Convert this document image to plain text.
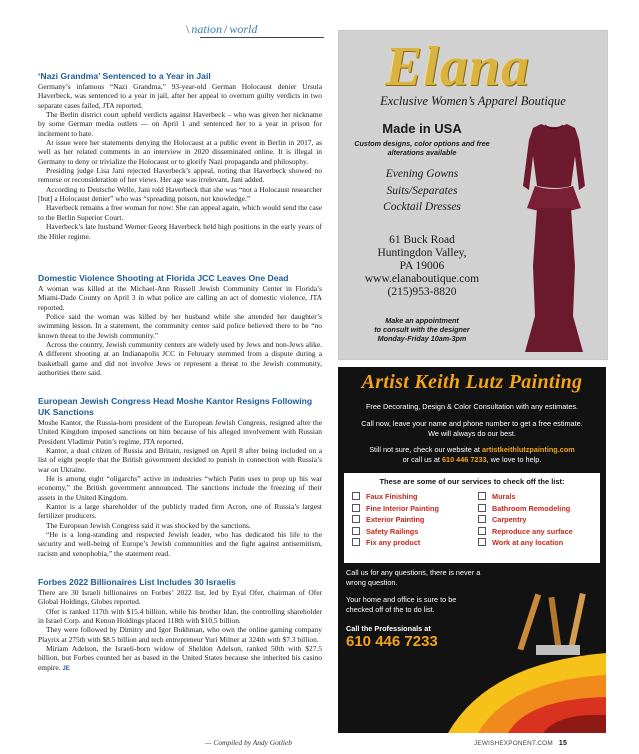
\ nation / world
‘Nazi Grandma’ Sentenced to a Year in Jail

Germany’s infamous “Nazi Grandma,” 93-year-old German Holocaust denier Ursula Haverbeck, was sentenced to a year in jail, after her appeal to overturn guilty verdicts in two separate cases failed, JTA reported.

The Berlin district court upheld verdicts against Haverbeck – who was given her nickname by some German media outlets — on April 1 and sentenced her to a year in prison for incitement to hate.

At issue were her statements denying the Holocaust at a public event in Berlin in 2017, as well as her related comments in an interview in 2020 disseminated online. It is illegal in Germany to deny or trivialize the Holocaust or to glorify Nazi propaganda and philosophy.

Presiding judge Lisa Jani rejected Haverbeck’s appeal, noting that Haverbeck showed no remorse or reconsideration of her views. Her age was irrelevant, Jani added.

According to Deutsche Welle, Jani told Haverbeck that she was “not a Holocaust researcher [but] a Holocaust denier” who was “spreading poison, not knowledge.”

Haverbeck remains a free woman for now: She can appeal again, which would send the case to the Berlin Superior Court.

Haverbeck’s late husband Werner Georg Haverbeck held high positions in the early years of the Hitler regime.

Domestic Violence Shooting at Florida JCC Leaves One Dead

A woman was killed at the Michael-Ann Russell Jewish Community Center in Florida’s Miami-Dade County on April 3 in what police are calling an act of domestic violence, JTA reported.

Police said the woman was killed by her husband while she attended her daughter’s swimming lesson. In a statement, the community center said police believed there to be “no known threat to the Jewish community.”

Across the country, Jewish community centers are widely used by Jews and non-Jews alike. A different shooting at an Indianapolis JCC in February stemmed from a dispute during a basketball game and did not involve Jews or represent a threat to the Jewish community, authorities there said.

European Jewish Congress Head Moshe Kantor Resigns Following UK Sanctions

Moshe Kantor, the Russia-born president of the European Jewish Congress, resigned after the United Kingdom imposed sanctions on him because of his alleged involvement with Russian President Vladimir Putin’s regime, JTA reported.

Kantor, a dual citizen of Russia and Britain, resigned on April 8 after being included on a list of eight people that the British government decided to punish in connection with Russia’s war on Ukraine.

He is among eight “oligarchs” active in industries “which Putin uses to prop up his war economy,” the British government announced. The sanctions include the freezing of their assets in the United Kingdom.

Kantor is a large shareholder of the publicly traded firm Acron, one of Russia’s largest fertilizer producers.

The European Jewish Congress said it was shocked by the sanctions.

“He is a long-standing and respected Jewish leader, who has dedicated his life to the security and well-being of Europe’s Jewish communities and the fight against antisemitism, racism and xenophobia,” the statement read.

Forbes 2022 Billionaires List Includes 30 Israelis

There are 30 Israeli billionaires on Forbes’ 2022 list, led by Eyal Ofer, chairman of Ofer Global Holdings, Globes reported.

Ofer is ranked 117th with $15.4 billion, while his brother Idan, the controlling shareholder in Israel Corp. and Kenon Holdings placed 118th with $10.5 billion.

They were followed by Dimitry and Igor Bukhman, who own the online gaming company Playrix at 275th with $8.5 billion and tech entrepreneur Yuri Milner at 324th with $7.3 billion.

Miriam Adelson, the Israeli-born widow of Sheldon Adelson, ranked 50th with $27.5 billion, but Forbes counted her as based in the United States because she inherited his casino empire. JE

— Compiled by Andy Gotlieb
Elana
Exclusive Women’s Apparel Boutique
Made in USA
Custom designs, color options and free alterations available
Evening Gowns
Suits/Separates
Cocktail Dresses
61 Buck Road
Huntingdon Valley,
PA 19006
www.elanaboutique.com
(215)953-8820
Make an appointment
to consult with the designer
Monday-Friday 10am-3pm
Artist Keith Lutz Painting
Free Decorating, Design & Color Consultation with any estimates.
Call now, leave your name and phone number to get a free estimate.
We will always do our best.
Still not sure, check our website at artistkeithlutzpainting.com
or call us at 610 446 7233, we love to help.
These are some of our services to check off the list:
Faux Finishing
Fine Interior Painting
Exterior Painting
Safety Railings
Fix any product
Murals
Bathroom Remodeling
Carpentry
Reproduce any surface
Work at any location
Call us for any questions, there is never a wrong question.
Your home and office is sure to be checked off of the to do list.
Call the Professionals at
610 446 7233
JEWISHEXPONENT.COM 15
